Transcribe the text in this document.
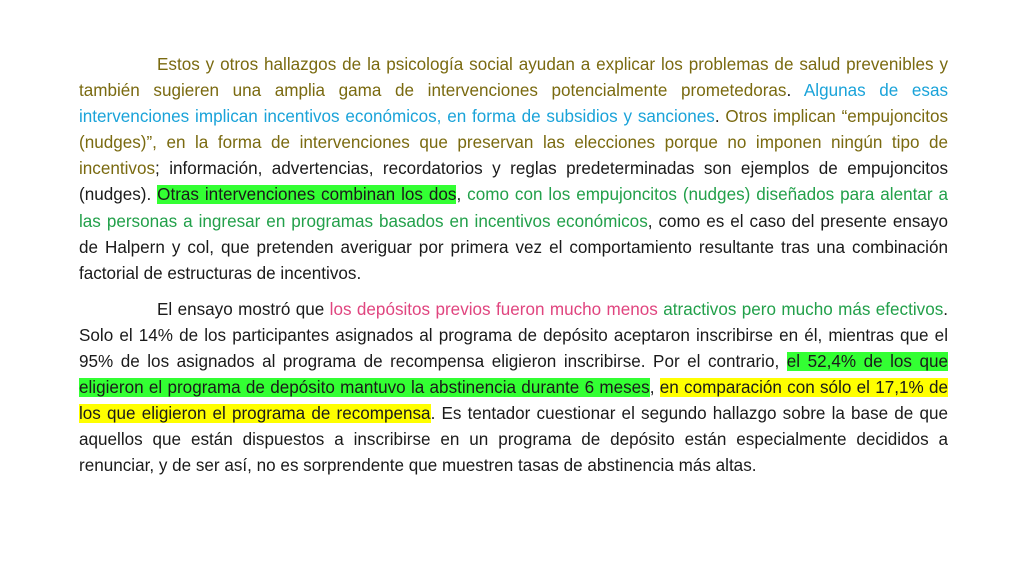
Estos y otros hallazgos de la psicología social ayudan a explicar los problemas de salud prevenibles y también sugieren una amplia gama de intervenciones potencialmente prometedoras. Algunas de esas intervenciones implican incentivos económicos, en forma de subsidios y sanciones. Otros implican “empujoncitos (nudges)”, en la forma de intervenciones que preservan las elecciones porque no imponen ningún tipo de incentivos; información, advertencias, recordatorios y reglas predeterminadas son ejemplos de empujoncitos (nudges). Otras intervenciones combinan los dos, como con los empujoncitos (nudges) diseñados para alentar a las personas a ingresar en programas basados en incentivos económicos, como es el caso del presente ensayo de Halpern y col, que pretenden averiguar por primera vez el comportamiento resultante tras una combinación factorial de estructuras de incentivos.

El ensayo mostró que los depósitos previos fueron mucho menos atractivos pero mucho más efectivos. Solo el 14% de los participantes asignados al programa de depósito aceptaron inscribirse en él, mientras que el 95% de los asignados al programa de recompensa eligieron inscribirse. Por el contrario, el 52,4% de los que eligieron el programa de depósito mantuvo la abstinencia durante 6 meses, en comparación con sólo el 17,1% de los que eligieron el programa de recompensa. Es tentador cuestionar el segundo hallazgo sobre la base de que aquellos que están dispuestos a inscribirse en un programa de depósito están especialmente decididos a renunciar, y de ser así, no es sorprendente que muestren tasas de abstinencia más altas.
